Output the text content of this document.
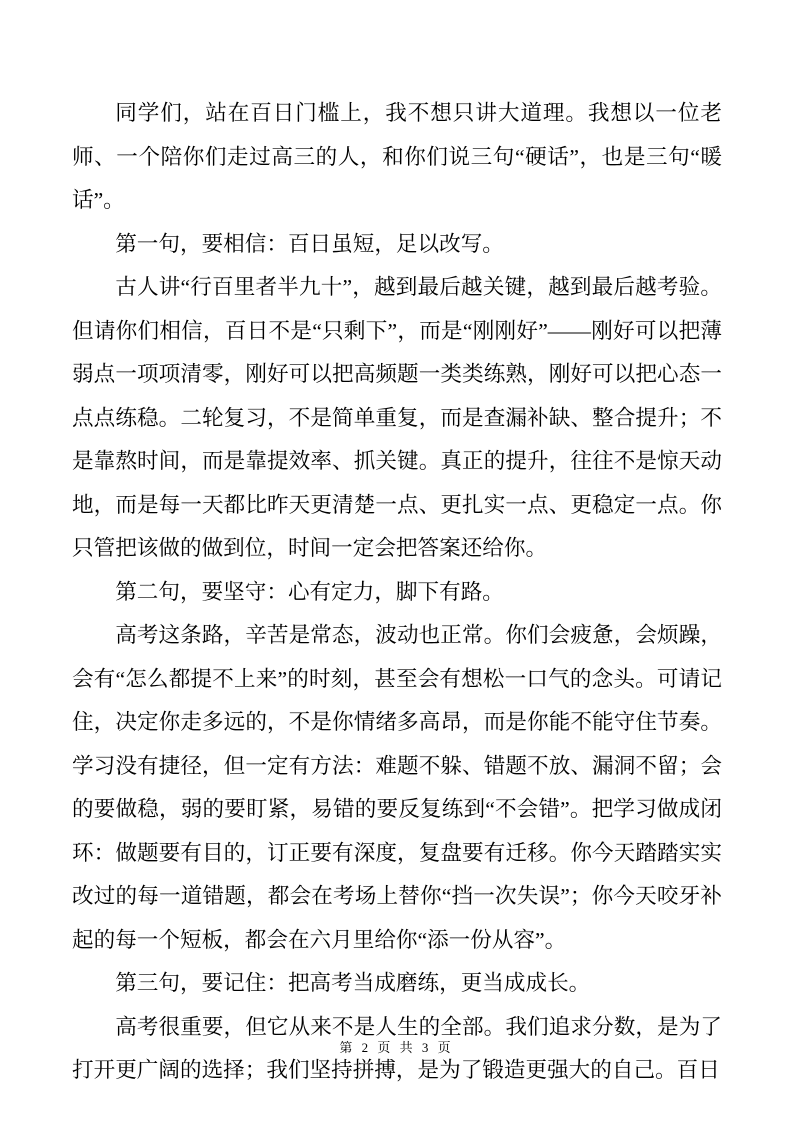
同学们，站在百日门槛上，我不想只讲大道理。我想以一位老师、一个陪你们走过高三的人，和你们说三句“硬话”，也是三句“暖话”。

第一句，要相信：百日虽短，足以改写。

古人讲“行百里者半九十”，越到最后越关键，越到最后越考验。但请你们相信，百日不是“只剩下”，而是“刚刚好”——刚好可以把薄弱点一项项清零，刚好可以把高频题一类类练熟，刚好可以把心态一点点练稳。二轮复习，不是简单重复，而是查漏补缺、整合提升；不是靠熬时间，而是靠提效率、抓关键。真正的提升，往往不是惊天动地，而是每一天都比昨天更清楚一点、更扎实一点、更稳定一点。你只管把该做的做到位，时间一定会把答案还给你。

第二句，要坚守：心有定力，脚下有路。

高考这条路，辛苦是常态，波动也正常。你们会疲惫，会烦躁，会有“怎么都提不上来”的时刻，甚至会有想松一口气的念头。可请记住，决定你走多远的，不是你情绪多高昂，而是你能不能守住节奏。学习没有捷径，但一定有方法：难题不躲、错题不放、漏洞不留；会的要做稳，弱的要盯紧，易错的要反复练到“不会错”。把学习做成闭环：做题要有目的，订正要有深度，复盘要有迁移。你今天踏踏实实改过的每一道错题，都会在考场上替你“挡一次失误”；你今天咬牙补起的每一个短板，都会在六月里给你“添一份从容”。

第三句，要记住：把高考当成磨练，更当成成长。

高考很重要，但它从来不是人生的全部。我们追求分数，是为了打开更广阔的选择；我们坚持拼搏，是为了锻造更强大的自己。百日

第 2 页 共 3 页
